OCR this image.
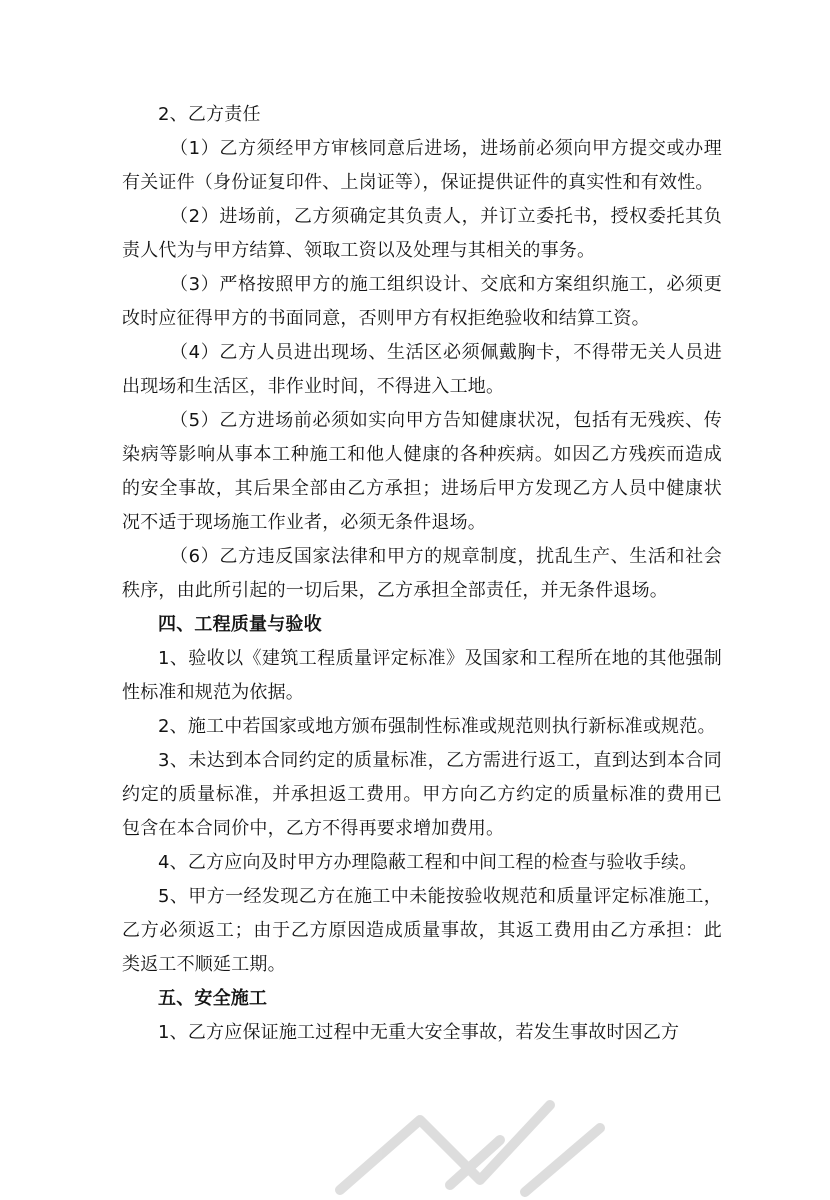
2、乙方责任

（1）乙方须经甲方审核同意后进场，进场前必须向甲方提交或办理有关证件（身份证复印件、上岗证等），保证提供证件的真实性和有效性。

（2）进场前，乙方须确定其负责人，并订立委托书，授权委托其负责人代为与甲方结算、领取工资以及处理与其相关的事务。

（3）严格按照甲方的施工组织设计、交底和方案组织施工，必须更改时应征得甲方的书面同意，否则甲方有权拒绝验收和结算工资。

（4）乙方人员进出现场、生活区必须佩戴胸卡，不得带无关人员进出现场和生活区，非作业时间，不得进入工地。

（5）乙方进场前必须如实向甲方告知健康状况，包括有无残疾、传染病等影响从事本工种施工和他人健康的各种疾病。如因乙方残疾而造成的安全事故，其后果全部由乙方承担；进场后甲方发现乙方人员中健康状况不适于现场施工作业者，必须无条件退场。

（6）乙方违反国家法律和甲方的规章制度，扰乱生产、生活和社会秩序，由此所引起的一切后果，乙方承担全部责任，并无条件退场。

四、工程质量与验收

1、验收以《建筑工程质量评定标准》及国家和工程所在地的其他强制性标准和规范为依据。

2、施工中若国家或地方颁布强制性标准或规范则执行新标准或规范。

3、未达到本合同约定的质量标准，乙方需进行返工，直到达到本合同约定的质量标准，并承担返工费用。甲方向乙方约定的质量标准的费用已包含在本合同价中，乙方不得再要求增加费用。

4、乙方应向及时甲方办理隐蔽工程和中间工程的检查与验收手续。

5、甲方一经发现乙方在施工中未能按验收规范和质量评定标准施工，乙方必须返工；由于乙方原因造成质量事故，其返工费用由乙方承担：此类返工不顺延工期。

五、安全施工

1、乙方应保证施工过程中无重大安全事故，若发生事故时因乙方
